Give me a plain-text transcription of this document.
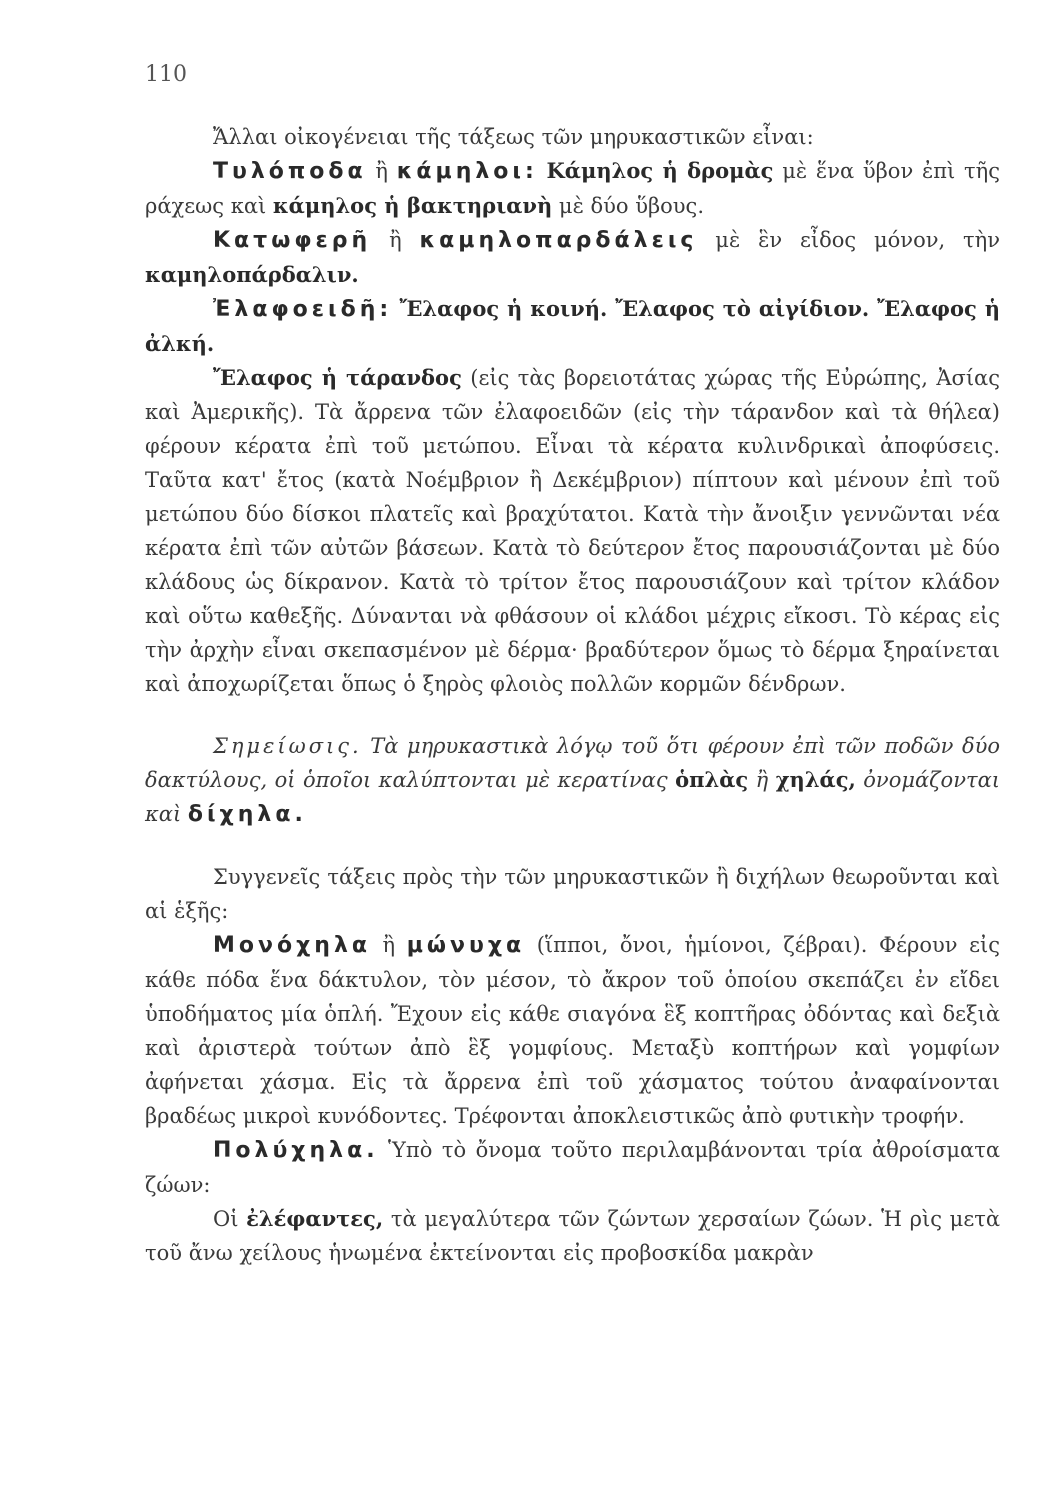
110

Ἄλλαι οἰκογένειαι τῆς τάξεως τῶν μηρυκαστικῶν εἶναι:

Τυλόποδα ἢ κάμηλοι: Κάμηλος ἡ δρομὰς μὲ ἕνα ὕβον ἐπὶ τῆς ράχεως καὶ κάμηλος ἡ βακτηριανὴ μὲ δύο ὕβους.

Κατωφερῆ ἢ καμηλοπαρδάλεις μὲ ἓν εἶδος μόνον, τὴν καμηλοπάρδαλιν.

Ἐλαφοειδῆ: Ἔλαφος ἡ κοινή. Ἔλαφος τὸ αἰγίδιον. Ἔλαφος ἡ ἀλκή.

Ἔλαφος ἡ τάρανδος (εἰς τὰς βορειοτάτας χώρας τῆς Εὐρώπης, Ἀσίας καὶ Ἀμερικῆς). Τὰ ἄρρενα τῶν ἐλαφοειδῶν (εἰς τὴν τάρανδον καὶ τὰ θήλεα) φέρουν κέρατα ἐπὶ τοῦ μετώπου. Εἶναι τὰ κέρατα κυλινδρικαὶ ἀποφύσεις. Ταῦτα κατ' ἔτος (κατὰ Νοέμβριον ἢ Δεκέμβριον) πίπτουν καὶ μένουν ἐπὶ τοῦ μετώπου δύο δίσκοι πλατεῖς καὶ βραχύτατοι. Κατὰ τὴν ἄνοιξιν γεννῶνται νέα κέρατα ἐπὶ τῶν αὐτῶν βάσεων. Κατὰ τὸ δεύτερον ἔτος παρουσιάζονται μὲ δύο κλάδους ὡς δίκρανον. Κατὰ τὸ τρίτον ἔτος παρουσιάζουν καὶ τρίτον κλάδον καὶ οὕτω καθεξῆς. Δύνανται νὰ φθάσουν οἱ κλάδοι μέχρις εἴκοσι. Τὸ κέρας εἰς τὴν ἀρχὴν εἶναι σκεπασμένον μὲ δέρμα· βραδύτερον ὅμως τὸ δέρμα ξηραίνεται καὶ ἀποχωρίζεται ὅπως ὁ ξηρὸς φλοιὸς πολλῶν κορμῶν δένδρων.

Σημείωσις. Τὰ μηρυκαστικὰ λόγῳ τοῦ ὅτι φέρουν ἐπὶ τῶν ποδῶν δύο δακτύλους, οἱ ὁποῖοι καλύπτονται μὲ κερατίνας ὁπλὰς ἢ χηλάς, ὀνομάζονται καὶ δίχηλα.

Συγγενεῖς τάξεις πρὸς τὴν τῶν μηρυκαστικῶν ἢ διχήλων θεωροῦνται καὶ αἱ ἑξῆς:

Μονόχηλα ἢ μώνυχα (ἵπποι, ὄνοι, ἡμίονοι, ζέβραι). Φέρουν εἰς κάθε πόδα ἕνα δάκτυλον, τὸν μέσον, τὸ ἄκρον τοῦ ὁποίου σκεπάζει ἐν εἴδει ὑποδήματος μία ὁπλή. Ἔχουν εἰς κάθε σιαγόνα ἓξ κοπτῆρας ὀδόντας καὶ δεξιὰ καὶ ἀριστερὰ τούτων ἀπὸ ἓξ γομφίους. Μεταξὺ κοπτήρων καὶ γομφίων ἀφήνεται χάσμα. Εἰς τὰ ἄρρενα ἐπὶ τοῦ χάσματος τούτου ἀναφαίνονται βραδέως μικροὶ κυνόδοντες. Τρέφονται ἀποκλειστικῶς ἀπὸ φυτικὴν τροφήν.

Πολύχηλα. Ὑπὸ τὸ ὄνομα τοῦτο περιλαμβάνονται τρία ἀθροίσματα ζώων:

Οἱ ἐλέφαντες, τὰ μεγαλύτερα τῶν ζώντων χερσαίων ζώων. Ἡ ρὶς μετὰ τοῦ ἄνω χείλους ἡνωμένα ἐκτείνονται εἰς προβοσκίδα μακρὰν
